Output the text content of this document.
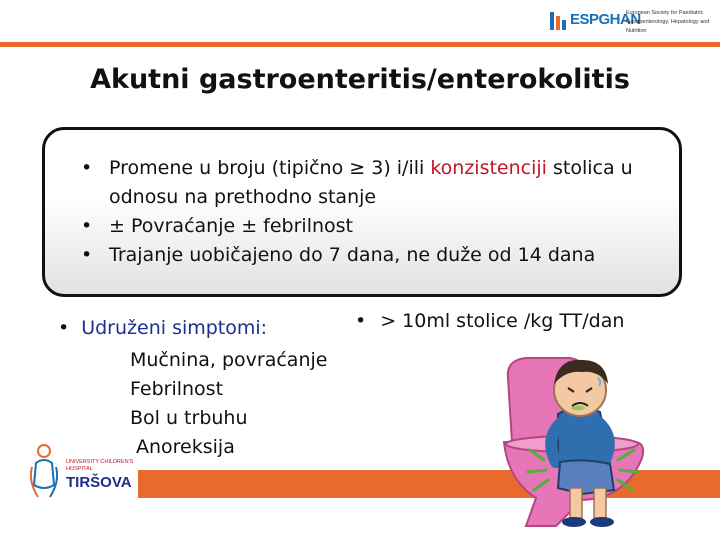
ESPGHAN
European Society for Paediatric Gastroenterology, Hepatology and Nutrition
Akutni gastroenteritis/enterokolitis
• Promene u broju (tipično ≥ 3) i/ili konzistenciji stolica u odnosu na prethodno stanje
• ± Povraćanje ± febrilnost
• Trajanje uobičajeno do 7 dana, ne duže od 14 dana
• Udruženi simptomi:
Mučnina, povraćanje
Febrilnost
Bol u trbuhu
Anoreksija
• > 10ml stolice /kg TT/dan
UNIVERSITY CHILDREN'S
HOSPITAL
TIRŠOVA
